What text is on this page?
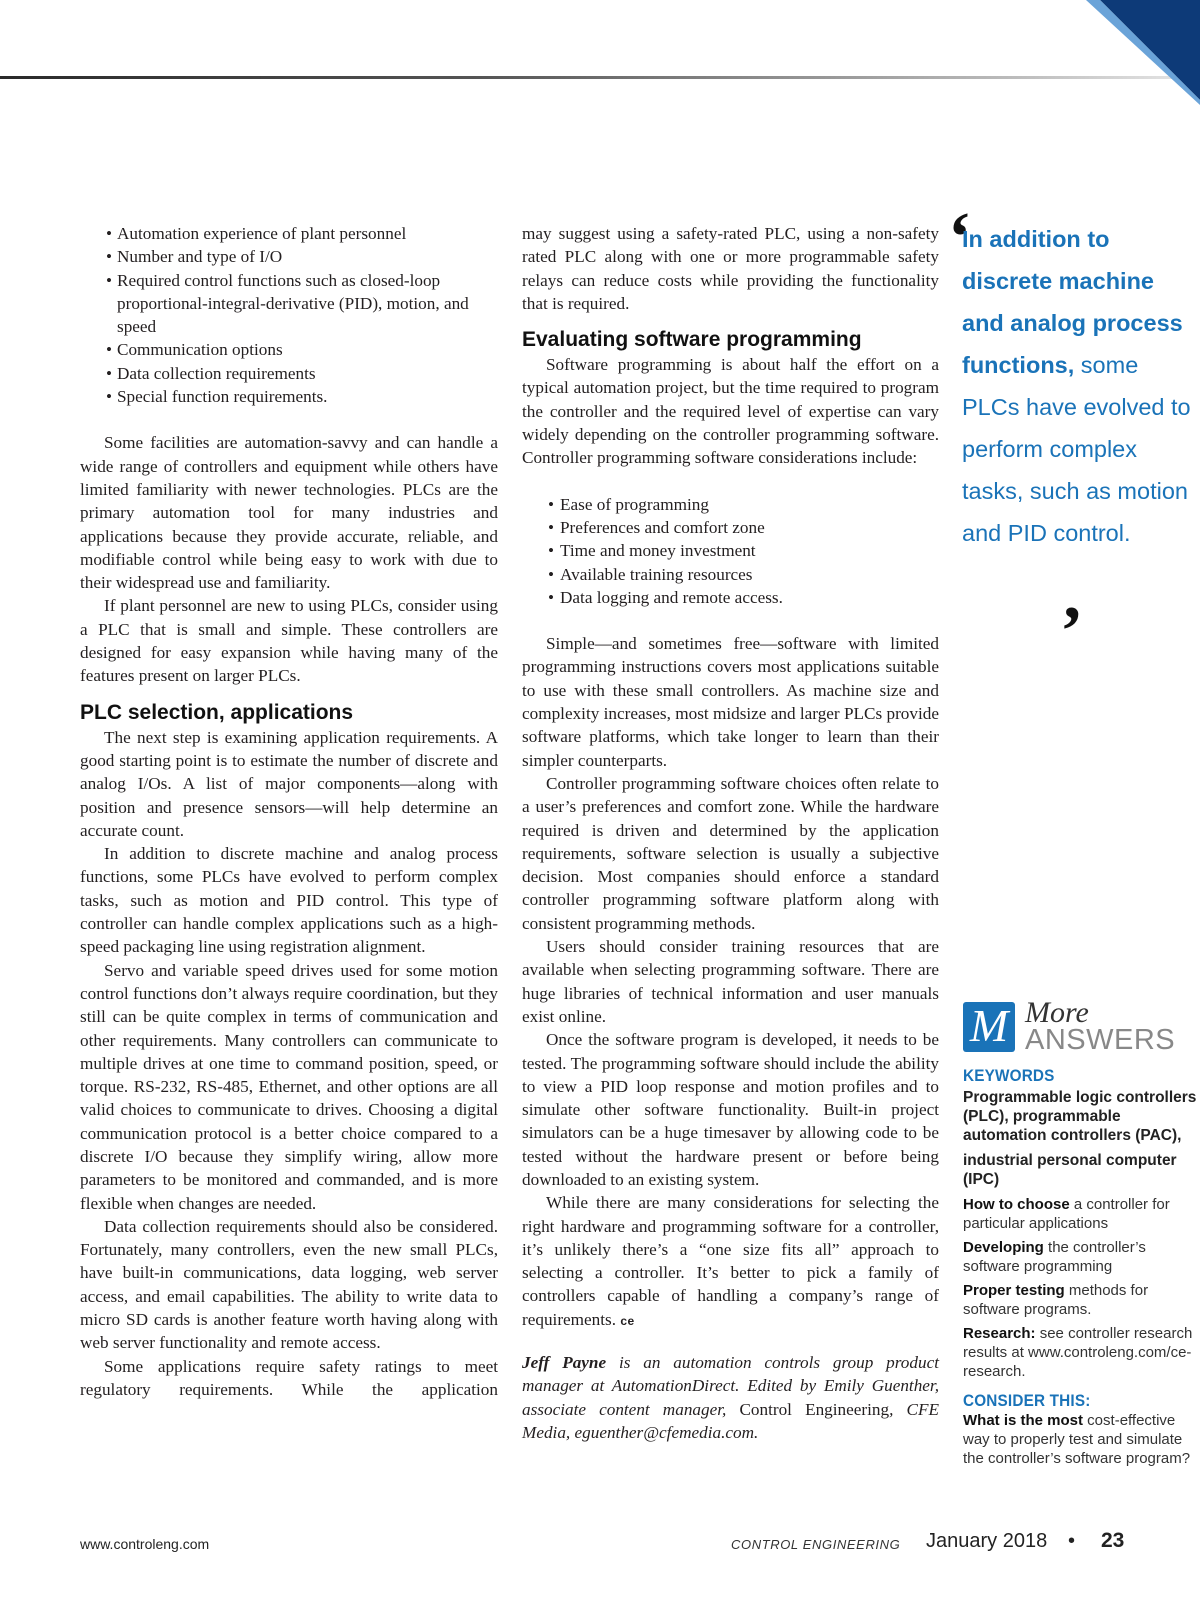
• Automation experience of plant personnel
• Number and type of I/O
• Required control functions such as closed-loop proportional-integral-derivative (PID), motion, and speed
• Communication options
• Data collection requirements
• Special function requirements.

Some facilities are automation-savvy and can handle a wide range of controllers and equipment while others have limited familiarity with newer technologies. PLCs are the primary automation tool for many industries and applications because they provide accurate, reliable, and modifiable control while being easy to work with due to their widespread use and familiarity.

If plant personnel are new to using PLCs, consider using a PLC that is small and simple. These controllers are designed for easy expansion while having many of the features present on larger PLCs.

PLC selection, applications

The next step is examining application requirements. A good starting point is to estimate the number of discrete and analog I/Os. A list of major components—along with position and presence sensors—will help determine an accurate count.

In addition to discrete machine and analog process functions, some PLCs have evolved to perform complex tasks, such as motion and PID control. This type of controller can handle complex applications such as a high-speed packaging line using registration alignment.

Servo and variable speed drives used for some motion control functions don’t always require coordination, but they still can be quite complex in terms of communication and other requirements. Many controllers can communicate to multiple drives at one time to command position, speed, or torque. RS-232, RS-485, Ethernet, and other options are all valid choices to communicate to drives. Choosing a digital communication protocol is a better choice compared to a discrete I/O because they simplify wiring, allow more parameters to be monitored and commanded, and is more flexible when changes are needed.

Data collection requirements should also be considered. Fortunately, many controllers, even the new small PLCs, have built-in communications, data logging, web server access, and email capabilities. The ability to write data to micro SD cards is another feature worth having along with web server functionality and remote access.

Some applications require safety ratings to meet regulatory requirements. While the application

may suggest using a safety-rated PLC, using a non-safety rated PLC along with one or more programmable safety relays can reduce costs while providing the functionality that is required.

Evaluating software programming

Software programming is about half the effort on a typical automation project, but the time required to program the controller and the required level of expertise can vary widely depending on the controller programming software. Controller programming software considerations include:

• Ease of programming
• Preferences and comfort zone
• Time and money investment
• Available training resources
• Data logging and remote access.

Simple—and sometimes free—software with limited programming instructions covers most applications suitable to use with these small controllers. As machine size and complexity increases, most midsize and larger PLCs provide software platforms, which take longer to learn than their simpler counterparts.

Controller programming software choices often relate to a user’s preferences and comfort zone. While the hardware required is driven and determined by the application requirements, software selection is usually a subjective decision. Most companies should enforce a standard controller programming software platform along with consistent programming methods.

Users should consider training resources that are available when selecting programming software. There are huge libraries of technical information and user manuals exist online.

Once the software program is developed, it needs to be tested. The programming software should include the ability to view a PID loop response and motion profiles and to simulate other software functionality. Built-in project simulators can be a huge timesaver by allowing code to be tested without the hardware present or before being downloaded to an existing system.

While there are many considerations for selecting the right hardware and programming software for a controller, it’s unlikely there’s a “one size fits all” approach to selecting a controller. It’s better to pick a family of controllers capable of handling a company’s range of requirements. ce

Jeff Payne is an automation controls group product manager at AutomationDirect. Edited by Emily Guenther, associate content manager, Control Engineering, CFE Media, eguenther@cfemedia.com.

‘
In addition to discrete machine and analog process functions, some PLCs have evolved to perform complex tasks, such as motion and PID control.
’
M More
ANSWERS
KEYWORDS
Programmable logic controllers (PLC), programmable automation controllers (PAC),
industrial personal computer (IPC)
How to choose a controller for particular applications
Developing the controller’s software programming
Proper testing methods for software programs.
Research: see controller research results at www.controleng.com/ce-research.
CONSIDER THIS:
What is the most cost-effective way to properly test and simulate the controller’s software program?
www.controleng.com	CONTROL ENGINEERING January 2018 • 23
